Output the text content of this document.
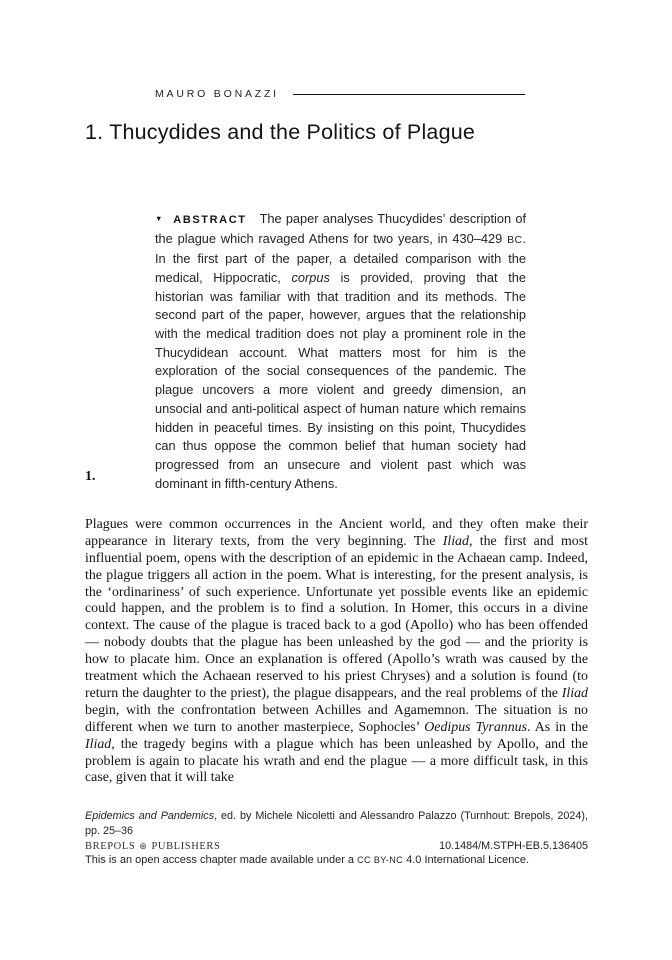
MAURO BONAZZI
1. Thucydides and the Politics of Plague

▼ ABSTRACT The paper analyses Thucydides’ description of the plague which ravaged Athens for two years, in 430–429 BC. In the first part of the paper, a detailed comparison with the medical, Hippocratic, corpus is provided, proving that the historian was familiar with that tradition and its methods. The second part of the paper, however, argues that the relationship with the medical tradition does not play a prominent role in the Thucydidean account. What matters most for him is the exploration of the social consequences of the pandemic. The plague uncovers a more violent and greedy dimension, an unsocial and anti-political aspect of human nature which remains hidden in peaceful times. By insisting on this point, Thucydides can thus oppose the common belief that human society had progressed from an unsecure and violent past which was dominant in fifth-century Athens.

1.

Plagues were common occurrences in the Ancient world, and they often make their appearance in literary texts, from the very beginning. The Iliad, the first and most influential poem, opens with the description of an epidemic in the Achaean camp. Indeed, the plague triggers all action in the poem. What is interesting, for the present analysis, is the ‘ordinariness’ of such experience. Unfortunate yet possible events like an epidemic could happen, and the problem is to find a solution. In Homer, this occurs in a divine context. The cause of the plague is traced back to a god (Apollo) who has been offended — nobody doubts that the plague has been unleashed by the god — and the priority is how to placate him. Once an explanation is offered (Apollo’s wrath was caused by the treatment which the Achaean reserved to his priest Chryses) and a solution is found (to return the daughter to the priest), the plague disappears, and the real problems of the Iliad begin, with the confrontation between Achilles and Agamemnon. The situation is no different when we turn to another masterpiece, Sophocles’ Oedipus Tyrannus. As in the Iliad, the tragedy begins with a plague which has been unleashed by Apollo, and the problem is again to placate his wrath and end the plague — a more difficult task, in this case, given that it will take

Epidemics and Pandemics, ed. by Michele Nicoletti and Alessandro Palazzo (Turnhout: Brepols, 2024), pp. 25–36

BREPOLS ⊛ PUBLISHERS	10.1484/M.STPH-EB.5.136405

This is an open access chapter made available under a CC BY-NC 4.0 International Licence.
